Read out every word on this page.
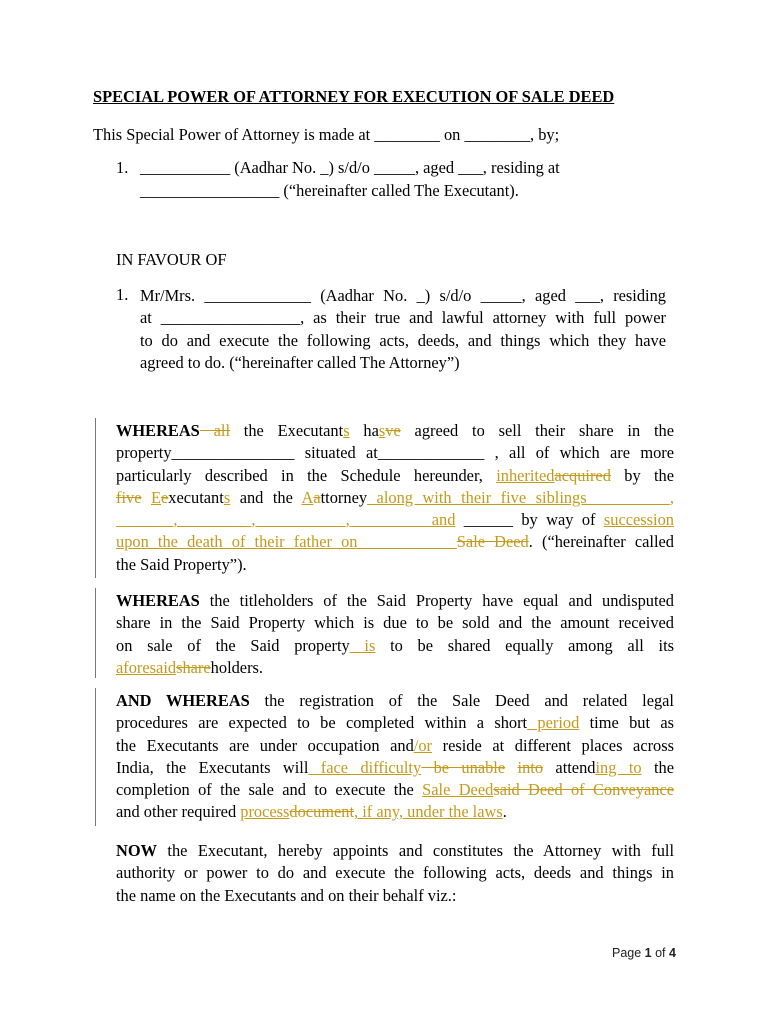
SPECIAL POWER OF ATTORNEY FOR EXECUTION OF SALE DEED
This Special Power of Attorney is made at ________ on ________, by;
1. ___________ (Aadhar No. _) s/d/o _____, aged ___, residing at
_________________ (“hereinafter called The Executant).
IN FAVOUR OF
1. Mr/Mrs. _____________ (Aadhar No. _) s/d/o _____, aged ___, residing
at _________________, as their true and lawful attorney with full power
to do and execute the following acts, deeds, and things which they have
agreed to do. (“hereinafter called The Attorney”)
WHEREAS all the Executants hasve agreed to sell their share in the
property_______________ situated at_____________ , all of which are more
particularly described in the Schedule hereunder, inheritedacquired by the
five Eexecutants and the Aattorney along with their five siblings _________,
_______, ________,___________,__________and ______ by way of succession
upon the death of their father on ___________Sale Deed. (“hereinafter called
the Said Property”).
WHEREAS the titleholders of the Said Property have equal and undisputed
share in the Said Property which is due to be sold and the amount received
on sale of the Said property is to be shared equally among all its
aforesaidshareholders.
AND WHEREAS the registration of the Sale Deed and related legal
procedures are expected to be completed within a short period time but as
the Executants are under occupation and/or reside at different places across
India, the Executants will face difficulty be unable into attending to the
completion of the sale and to execute the Sale Deedsaid Deed of Conveyance
and other required processdocument, if any, under the laws.
NOW the Executant, hereby appoints and constitutes the Attorney with full
authority or power to do and execute the following acts, deeds and things in
the name on the Executants and on their behalf viz.:
Page 1 of 4
